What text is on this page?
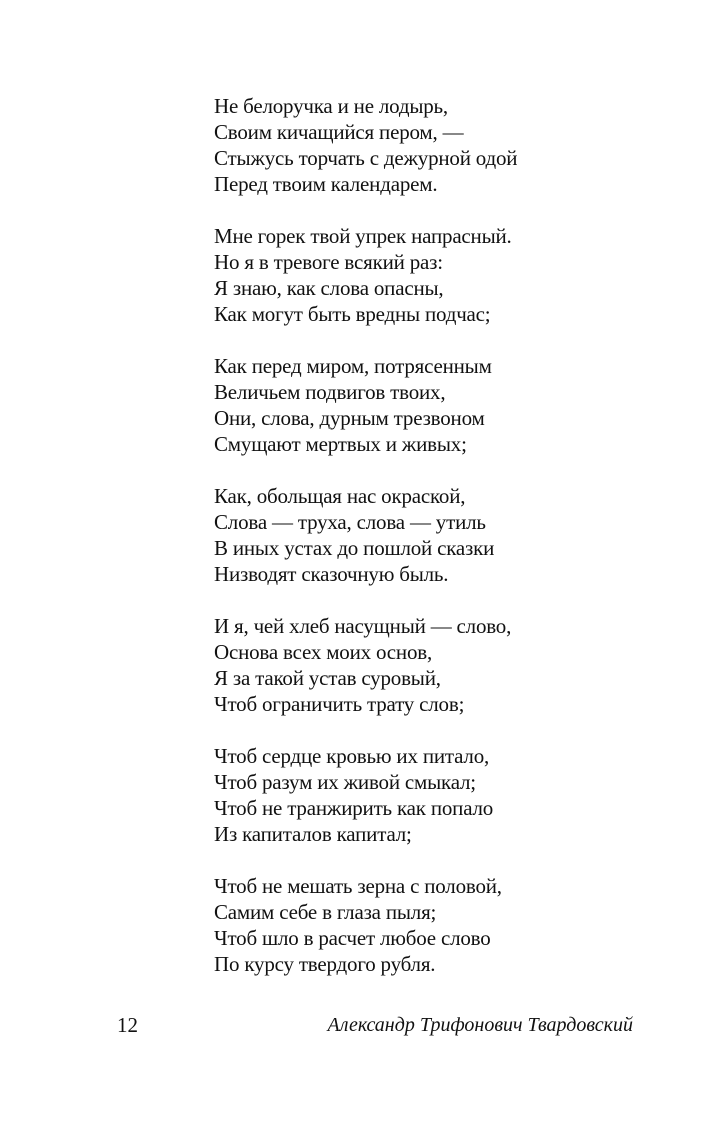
Не белоручка и не лодырь,
Своим кичащийся пером, —
Стыжусь торчать с дежурной одой
Перед твоим календарем.
Мне горек твой упрек напрасный.
Но я в тревоге всякий раз:
Я знаю, как слова опасны,
Как могут быть вредны подчас;
Как перед миром, потрясенным
Величьем подвигов твоих,
Они, слова, дурным трезвоном
Смущают мертвых и живых;
Как, обольщая нас окраской,
Слова — труха, слова — утиль
В иных устах до пошлой сказки
Низводят сказочную быль.
И я, чей хлеб насущный — слово,
Основа всех моих основ,
Я за такой устав суровый,
Чтоб ограничить трату слов;
Чтоб сердце кровью их питало,
Чтоб разум их живой смыкал;
Чтоб не транжирить как попало
Из капиталов капитал;
Чтоб не мешать зерна с половой,
Самим себе в глаза пыля;
Чтоб шло в расчет любое слово
По курсу твердого рубля.
12	Александр Трифонович Твардовский
